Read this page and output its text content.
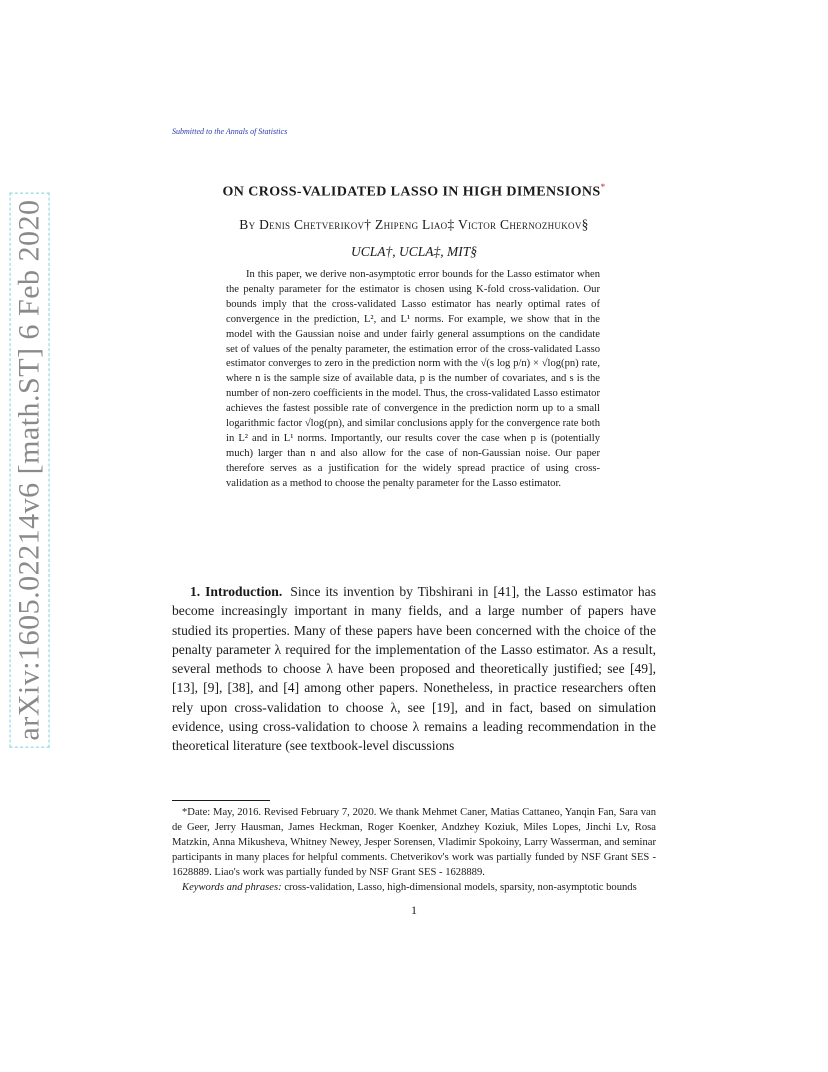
arXiv:1605.02214v6 [math.ST] 6 Feb 2020
Submitted to the Annals of Statistics
ON CROSS-VALIDATED LASSO IN HIGH DIMENSIONS*
By Denis Chetverikov† Zhipeng Liao‡ Victor Chernozhukov§
UCLA†, UCLA‡, MIT§

In this paper, we derive non-asymptotic error bounds for the Lasso estimator when the penalty parameter for the estimator is chosen using K-fold cross-validation. Our bounds imply that the cross-validated Lasso estimator has nearly optimal rates of convergence in the prediction, L², and L¹ norms. For example, we show that in the model with the Gaussian noise and under fairly general assumptions on the candidate set of values of the penalty parameter, the estimation error of the cross-validated Lasso estimator converges to zero in the prediction norm with the √(s log p/n) × √log(pn) rate, where n is the sample size of available data, p is the number of covariates, and s is the number of non-zero coefficients in the model. Thus, the cross-validated Lasso estimator achieves the fastest possible rate of convergence in the prediction norm up to a small logarithmic factor √log(pn), and similar conclusions apply for the convergence rate both in L² and in L¹ norms. Importantly, our results cover the case when p is (potentially much) larger than n and also allow for the case of non-Gaussian noise. Our paper therefore serves as a justification for the widely spread practice of using cross-validation as a method to choose the penalty parameter for the Lasso estimator.

1. Introduction. Since its invention by Tibshirani in [41], the Lasso estimator has become increasingly important in many fields, and a large number of papers have studied its properties. Many of these papers have been concerned with the choice of the penalty parameter λ required for the implementation of the Lasso estimator. As a result, several methods to choose λ have been proposed and theoretically justified; see [49], [13], [9], [38], and [4] among other papers. Nonetheless, in practice researchers often rely upon cross-validation to choose λ, see [19], and in fact, based on simulation evidence, using cross-validation to choose λ remains a leading recommendation in the theoretical literature (see textbook-level discussions

*Date: May, 2016. Revised February 7, 2020. We thank Mehmet Caner, Matias Cattaneo, Yanqin Fan, Sara van de Geer, Jerry Hausman, James Heckman, Roger Koenker, Andzhey Koziuk, Miles Lopes, Jinchi Lv, Rosa Matzkin, Anna Mikusheva, Whitney Newey, Jesper Sorensen, Vladimir Spokoiny, Larry Wasserman, and seminar participants in many places for helpful comments. Chetverikov's work was partially funded by NSF Grant SES - 1628889. Liao's work was partially funded by NSF Grant SES - 1628889.

Keywords and phrases: cross-validation, Lasso, high-dimensional models, sparsity, non-asymptotic bounds

1
